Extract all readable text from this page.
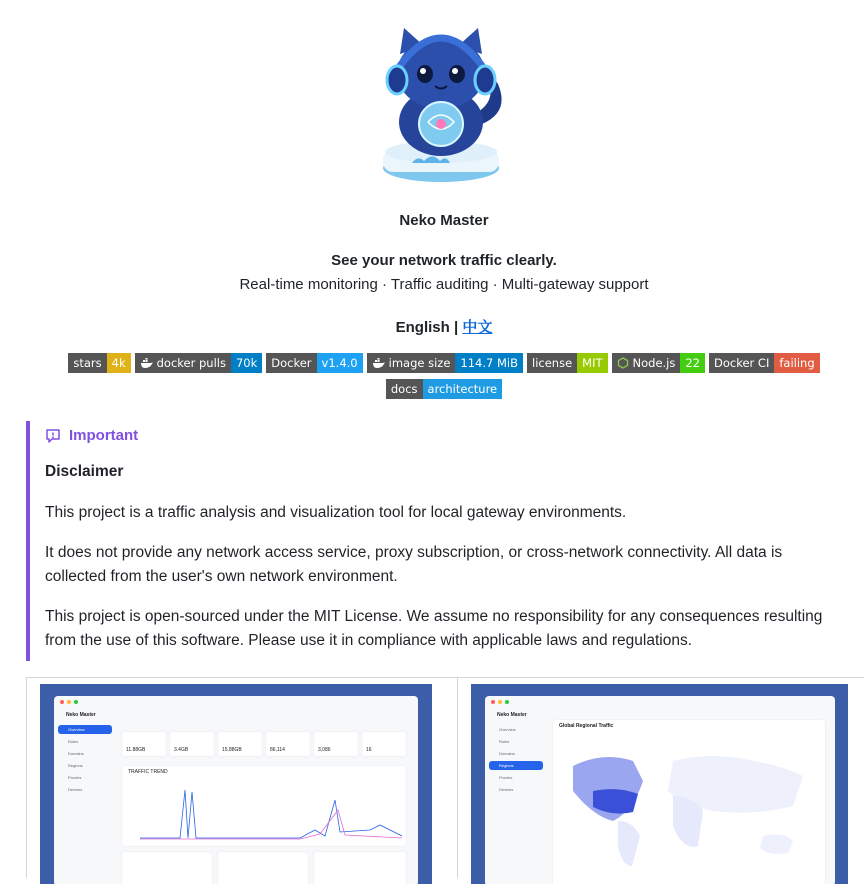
Neko Master
See your network traffic clearly.
Real-time monitoring · Traffic auditing · Multi-gateway support
English | 中文
stars 4k	docker pulls 70k	Docker v1.4.0	image size 114.7 MiB	license MIT	Node.js 22	Docker CI failing
docs architecture
Important
Disclaimer

This project is a traffic analysis and visualization tool for local gateway environments.

It does not provide any network access service, proxy subscription, or cross-network connectivity. All data is collected from the user's own network environment.

This project is open-sourced under the MIT License. We assume no responsibility for any consequences resulting from the use of this software. Please use it in compliance with applicable laws and regulations.

Neko Master
Overview
Rules
Domains
Regions
Proxies
Devices
11.88GB	3.4GB	15.88GB	86,114	3,086	16
TRAFFIC TREND
Neko Master
Overview
Rules
Domains
Regions
Proxies
Devices
Global Regional Traffic
